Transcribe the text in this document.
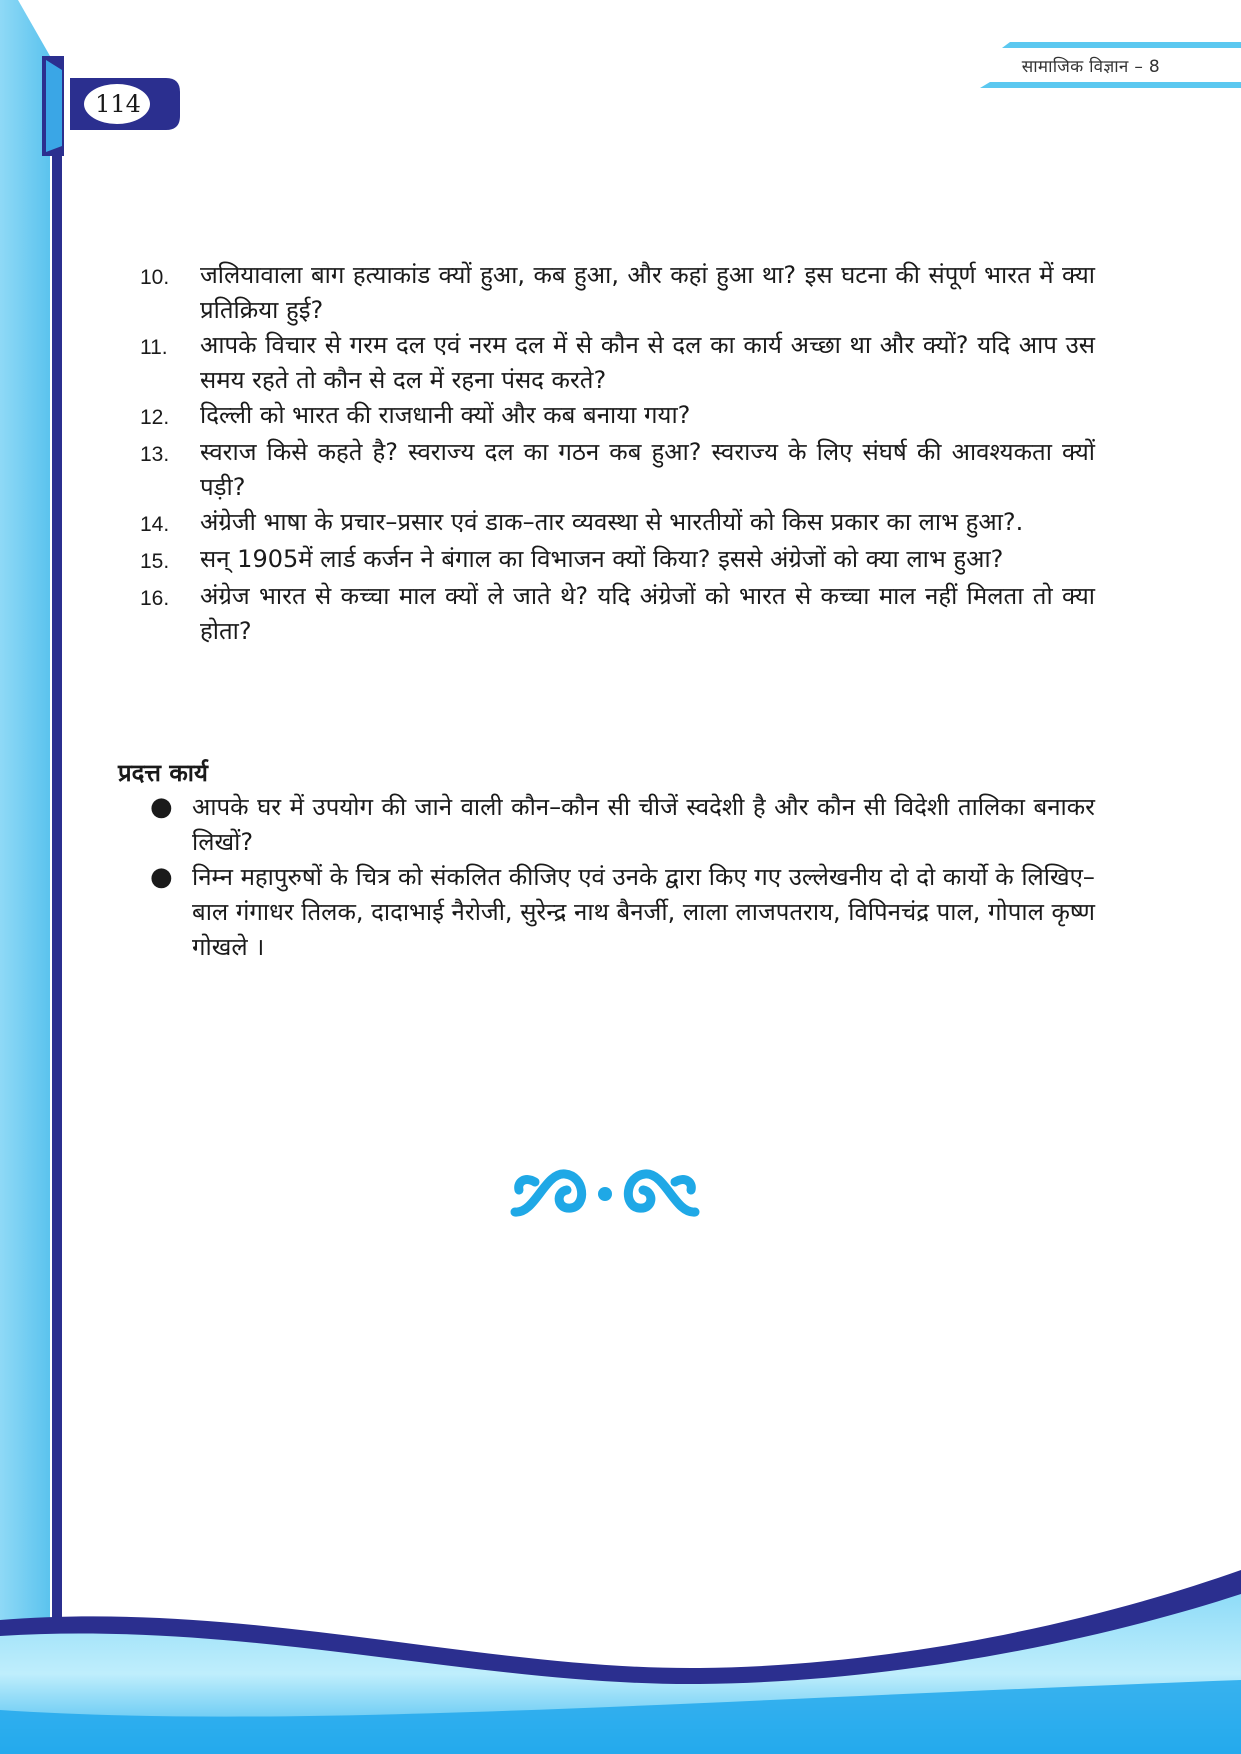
114
सामाजिक विज्ञान – 8
10.	जलियावाला बाग हत्याकांड क्यों हुआ, कब हुआ, और कहां हुआ था? इस घटना की संपूर्ण भारत में क्या प्रतिक्रिया हुई?
11.	आपके विचार से गरम दल एवं नरम दल में से कौन से दल का कार्य अच्छा था और क्यों? यदि आप उस समय रहते तो कौन से दल में रहना पंसद करते?
12.	दिल्ली को भारत की राजधानी क्यों और कब बनाया गया?
13.	स्वराज किसे कहते है? स्वराज्य दल का गठन कब हुआ? स्वराज्य के लिए संघर्ष की आवश्यकता क्यों पड़ी?
14.	अंग्रेजी भाषा के प्रचार–प्रसार एवं डाक–तार व्यवस्था से भारतीयों को किस प्रकार का लाभ हुआ?.
15.	सन् 1905में लार्ड कर्जन ने बंगाल का विभाजन क्यों किया? इससे अंग्रेजों को क्या लाभ हुआ?
16.	अंग्रेज भारत से कच्चा माल क्यों ले जाते थे? यदि अंग्रेजों को भारत से कच्चा माल नहीं मिलता तो क्या होता?
प्रदत्त कार्य
● आपके घर में उपयोग की जाने वाली कौन–कौन सी चीजें स्वदेशी है और कौन सी विदेशी तालिका बनाकर लिखों?
● निम्न महापुरुषों के चित्र को संकलित कीजिए एवं उनके द्वारा किए गए उल्लेखनीय दो दो कार्यो के लिखिए–
बाल गंगाधर तिलक, दादाभाई नैरोजी, सुरेन्द्र नाथ बैनर्जी, लाला लाजपतराय, विपिनचंद्र पाल, गोपाल कृष्ण गोखले ।
